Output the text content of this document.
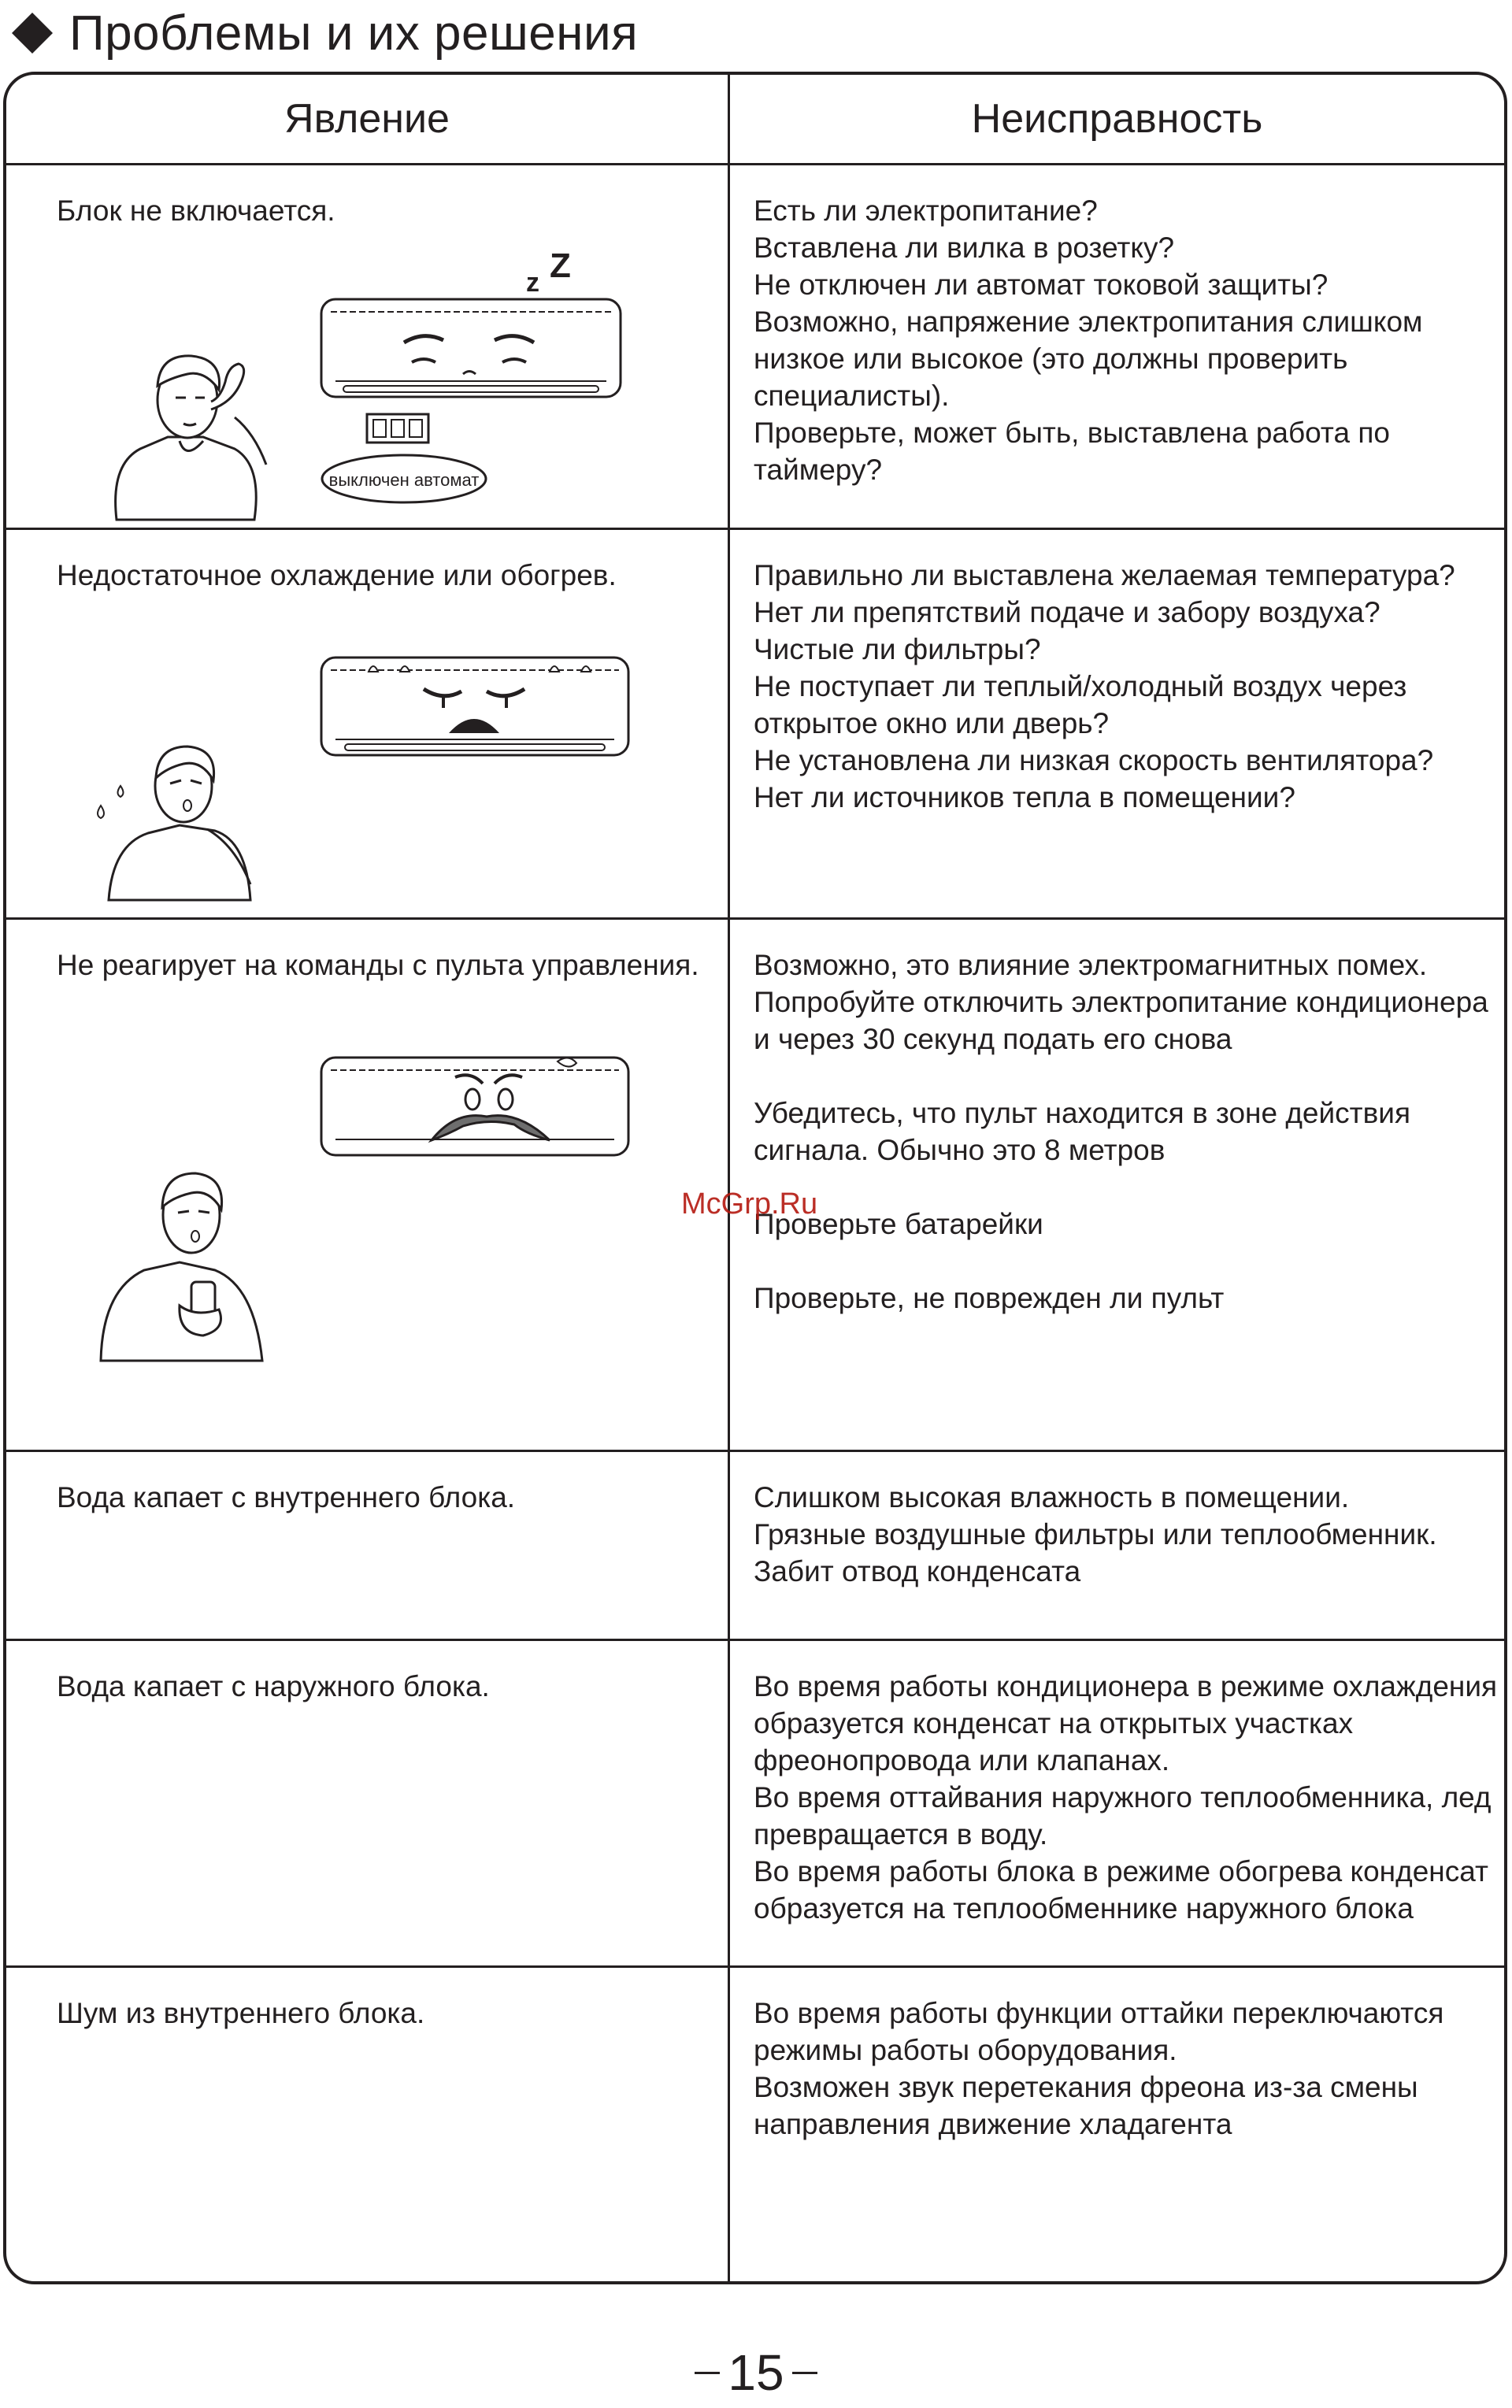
Проблемы и их решения
Явление	Неисправность
Блок не включается.	Есть ли электропитание?
Вставлена ли вилка в розетку?
Не отключен ли автомат токовой защиты?
Возможно, напряжение электропитания слишком низкое или высокое (это должны проверить специалисты).
Проверьте, может быть, выставлена работа по таймеру?
z Z
выключен автомат
Недостаточное охлаждение или обогрев.	Правильно ли выставлена желаемая температура?
Нет ли препятствий подаче и забору воздуха?
Чистые ли фильтры?
Не поступает ли теплый/холодный воздух через открытое окно или дверь?
Не установлена ли низкая скорость вентилятора?
Нет ли источников тепла в помещении?
Не реагирует на команды с пульта управления.	Возможно, это влияние электромагнитных помех. Попробуйте отключить электропитание кондиционера и через 30 секунд подать его снова

Убедитесь, что пульт находится в зоне действия сигнала. Обычно это 8 метров

Проверьте батарейки

Проверьте, не поврежден ли пульт
Вода капает с внутреннего блока.	Слишком высокая влажность в помещении.
Грязные воздушные фильтры или теплообменник.
Забит отвод конденсата
Вода капает с наружного блока.	Во время работы кондиционера в режиме охлаждения образуется конденсат на открытых участках фреонопровода или клапанах.
Во время оттайвания наружного теплообменника, лед превращается в воду.
Во время работы блока в режиме обогрева конденсат образуется на теплообменнике наружного блока
Шум из внутреннего блока.	Во время работы функции оттайки переключаются режимы работы оборудования.
Возможен звук перетекания фреона из-за смены направления движение хладагента
McGrp.Ru
15
